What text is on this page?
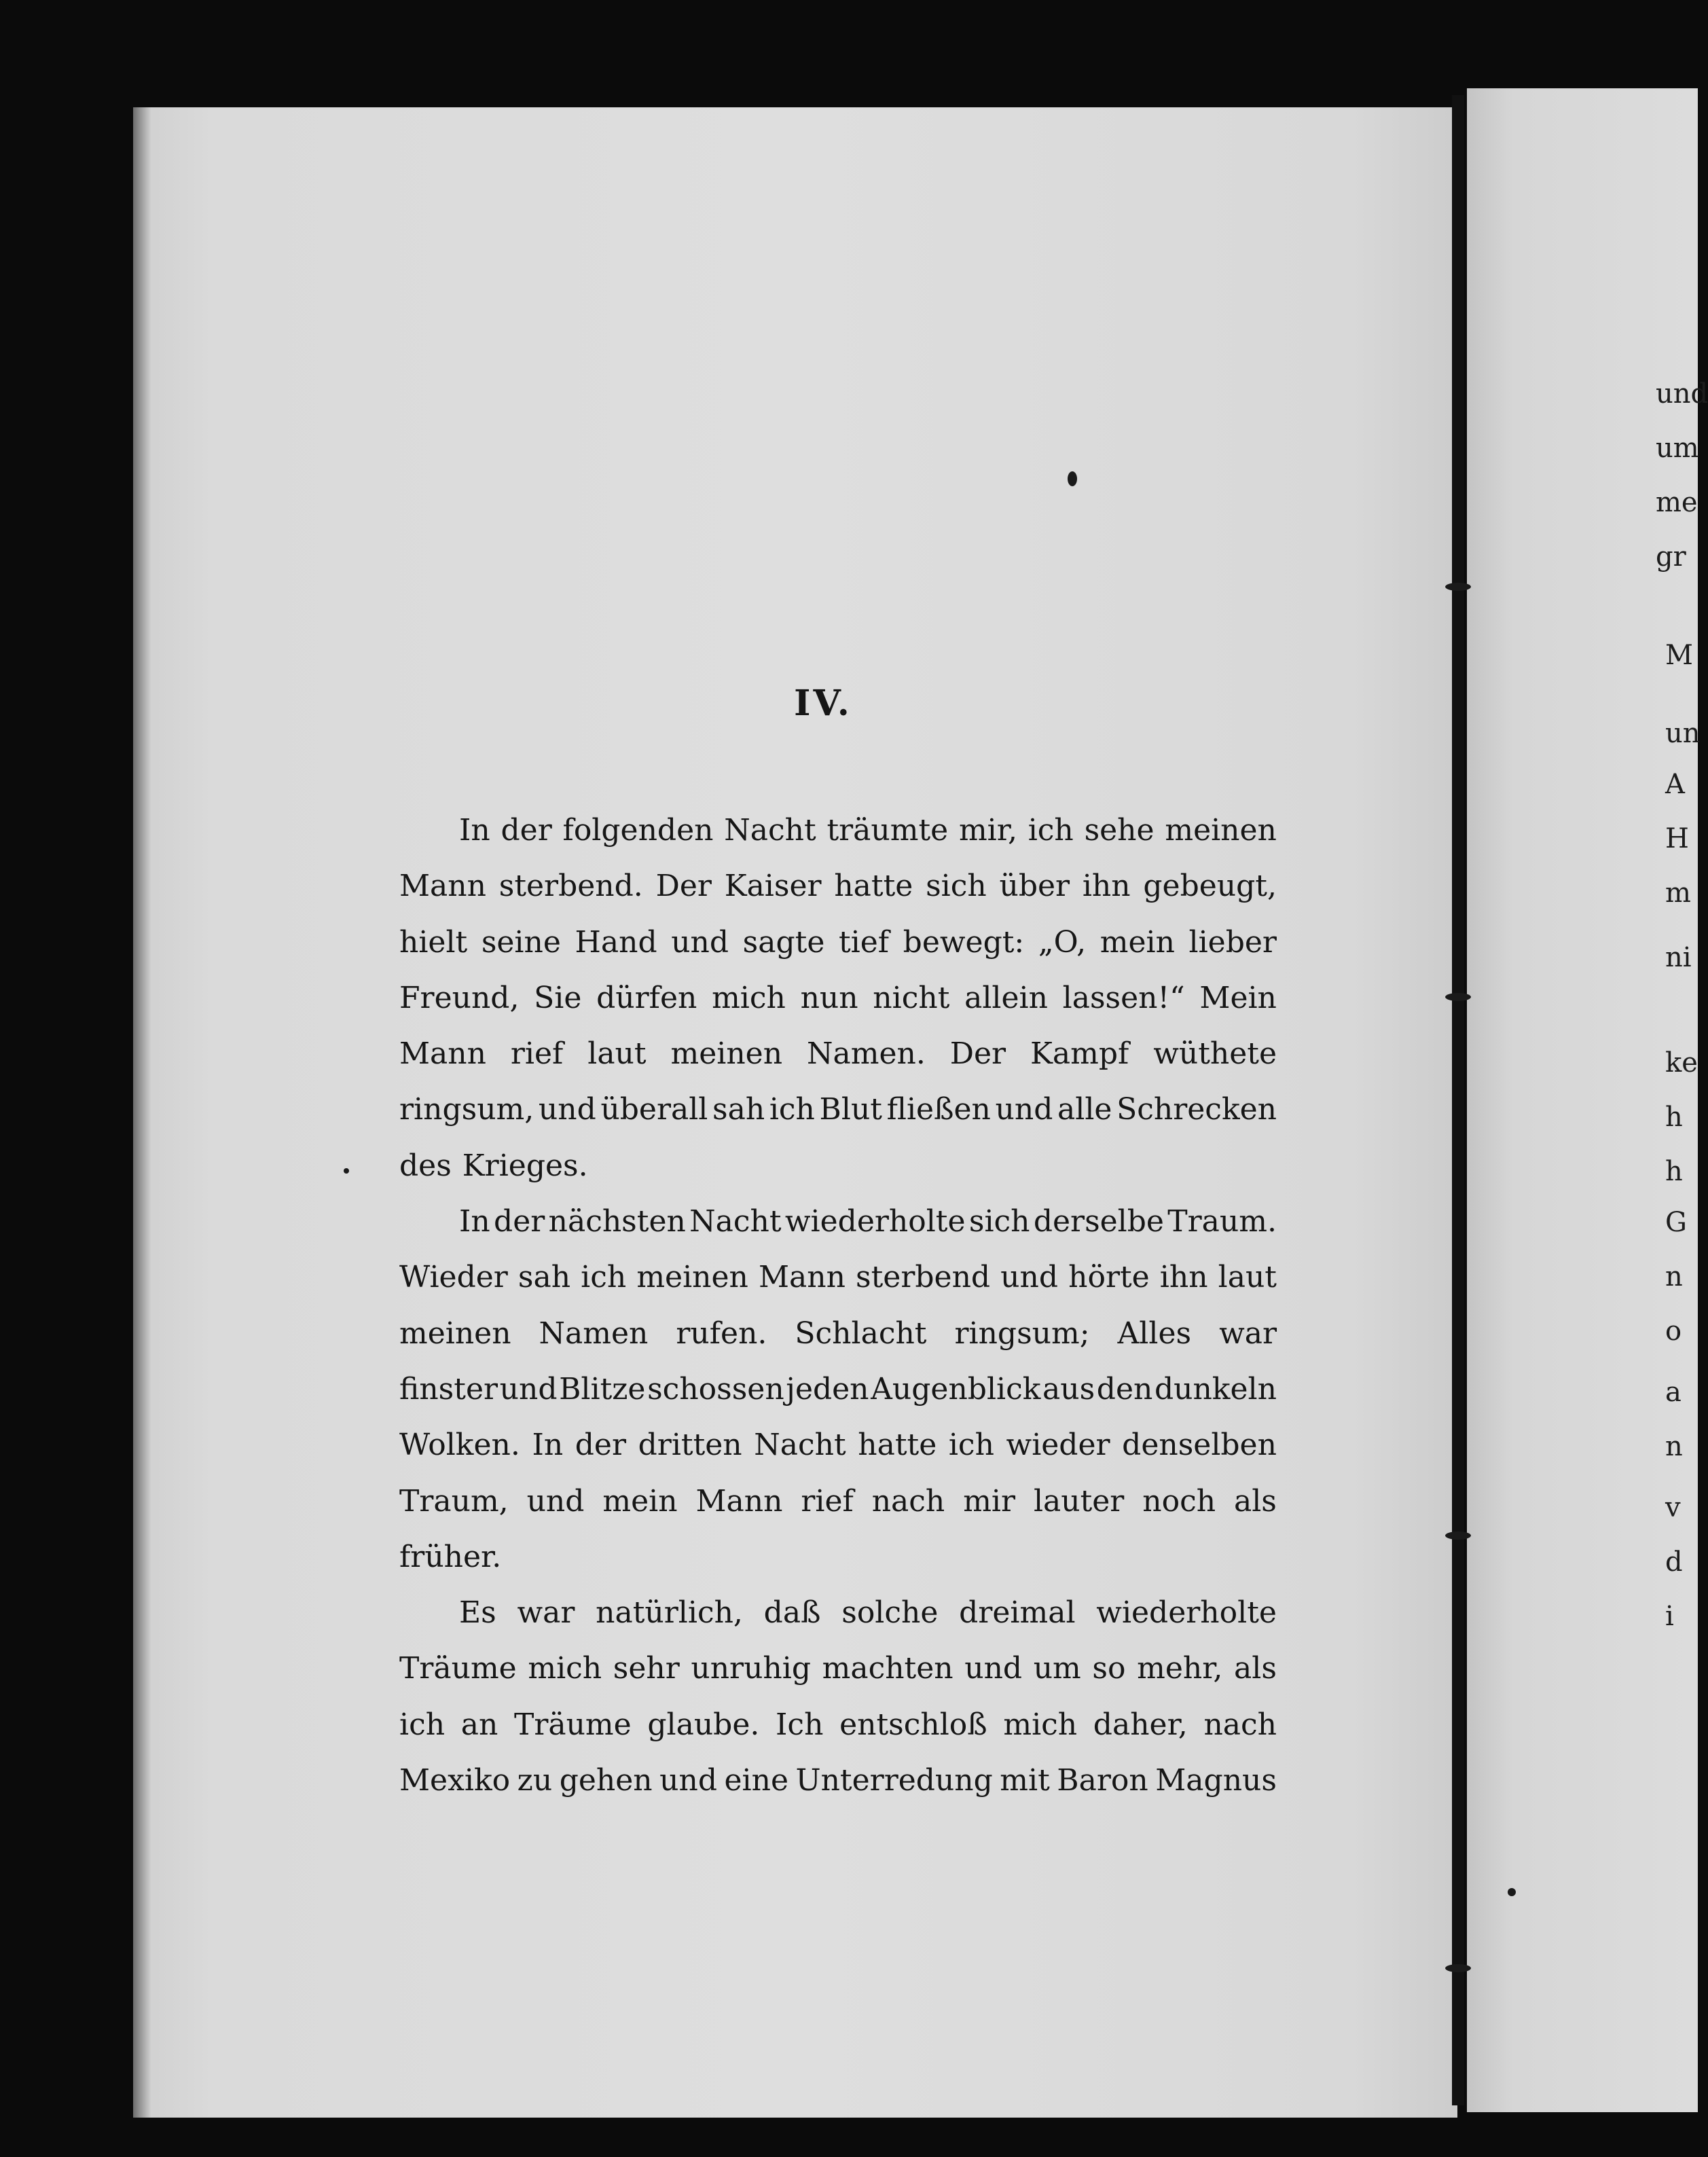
IV.
In der folgenden Nacht träumte mir, ich sehe meinen
Mann sterbend. Der Kaiser hatte sich über ihn gebeugt,
hielt seine Hand und sagte tief bewegt: „O, mein lieber
Freund, Sie dürfen mich nun nicht allein lassen!“ Mein
Mann rief laut meinen Namen. Der Kampf wüthete
ringsum, und überall sah ich Blut fließen und alle Schrecken
des Krieges.
In der nächsten Nacht wiederholte sich derselbe Traum.
Wieder sah ich meinen Mann sterbend und hörte ihn laut
meinen Namen rufen. Schlacht ringsum; Alles war
finster und Blitze schossen jeden Augenblick aus den dunkeln
Wolken. In der dritten Nacht hatte ich wieder denselben
Traum, und mein Mann rief nach mir lauter noch als
früher.
Es war natürlich, daß solche dreimal wiederholte
Träume mich sehr unruhig machten und um so mehr, als
ich an Träume glaube. Ich entschloß mich daher, nach
Mexiko zu gehen und eine Unterredung mit Baron Magnus
und
um
me
gr
M
un
A
H
m
ni
ke
h
h
G
n
o
a
n
v
d
i
